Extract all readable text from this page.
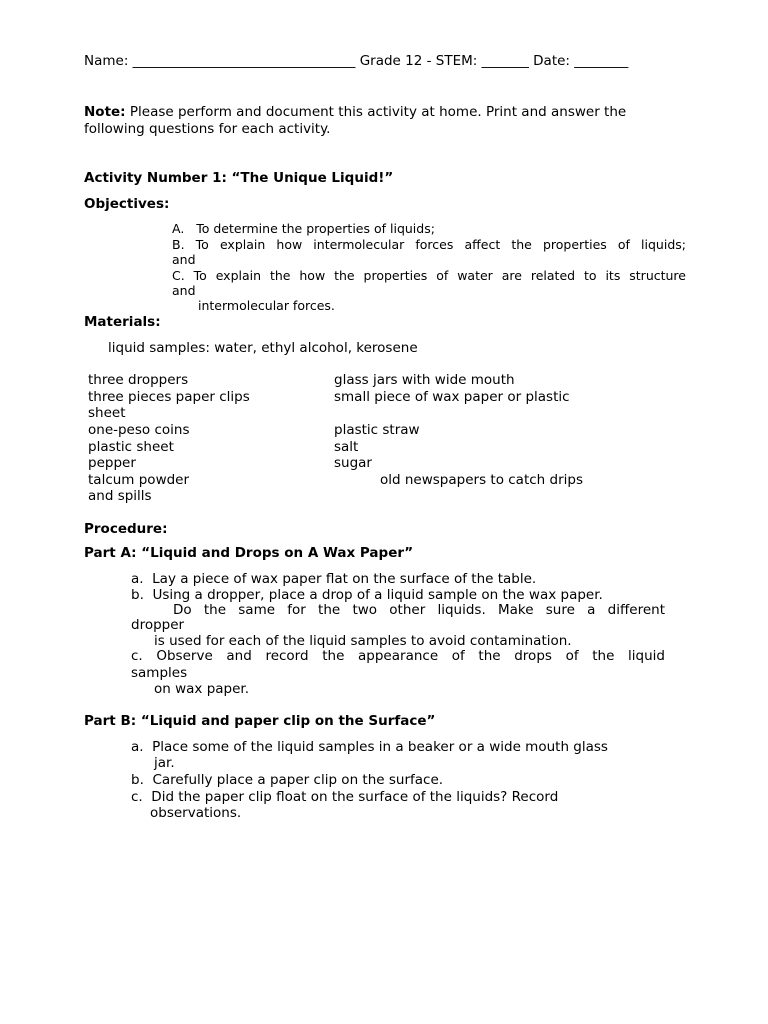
Name: _________________________________ Grade 12 - STEM: _______ Date: ________
Note: Please perform and document this activity at home. Print and answer the
following questions for each activity.
Activity Number 1: “The Unique Liquid!”
Objectives:
A.   To determine the properties of liquids;
B. To explain how intermolecular forces affect the properties of liquids;
and
C. To explain the how the properties of water are related to its structure
and
intermolecular forces.
Materials:
liquid samples: water, ethyl alcohol, kerosene
three droppers
three pieces paper clips
sheet
one-peso coins
plastic sheet
pepper
talcum powder
and spills
glass jars with wide mouth
small piece of wax paper or plastic
plastic straw
salt
sugar
old newspapers to catch drips
Procedure:
Part A: “Liquid and Drops on A Wax Paper”
a.  Lay a piece of wax paper flat on the surface of the table.
b.  Using a dropper, place a drop of a liquid sample on the wax paper.
Do the same for the two other liquids. Make sure a different
dropper
is used for each of the liquid samples to avoid contamination.
c. Observe and record the appearance of the drops of the liquid
samples
on wax paper.
Part B: “Liquid and paper clip on the Surface”
a.  Place some of the liquid samples in a beaker or a wide mouth glass
jar.
b.  Carefully place a paper clip on the surface.
c.  Did the paper clip float on the surface of the liquids? Record
observations.
